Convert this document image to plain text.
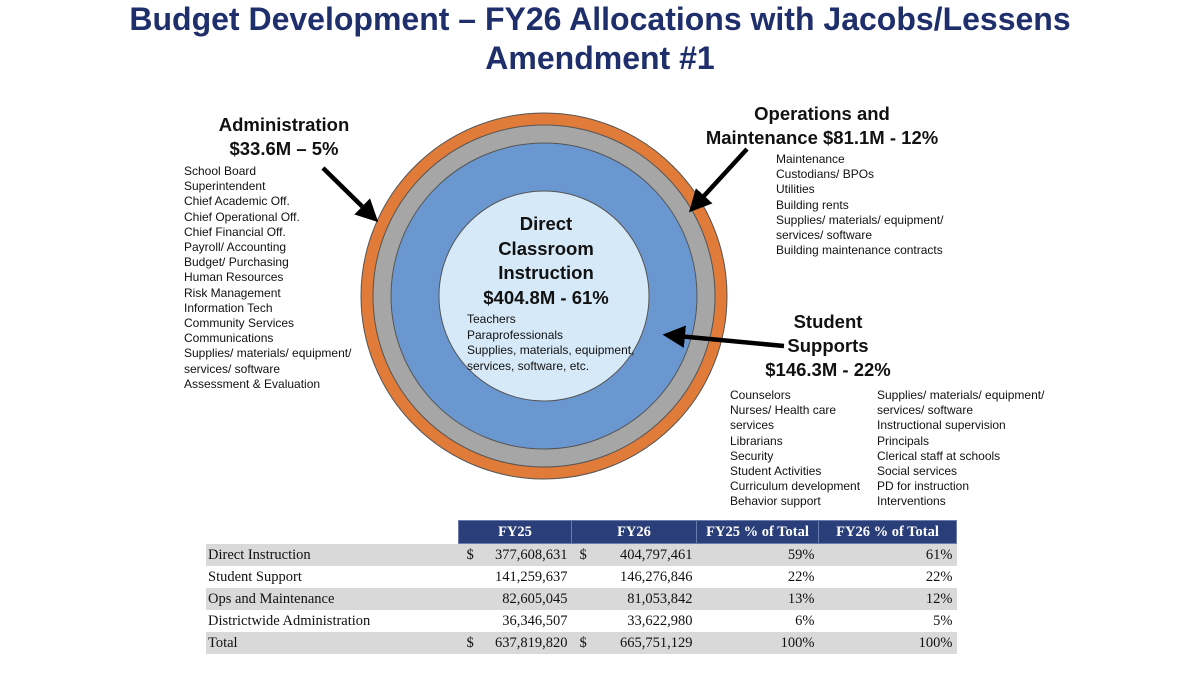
Budget Development – FY26 Allocations with Jacobs/Lessens
Amendment #1
Administration
$33.6M – 5%
School Board
Superintendent
Chief Academic Off.
Chief Operational Off.
Chief Financial Off.
Payroll/ Accounting
Budget/ Purchasing
Human Resources
Risk Management
Information Tech
Community Services
Communications
Supplies/ materials/ equipment/
services/ software
Assessment & Evaluation
Operations and
Maintenance $81.1M - 12%
Maintenance
Custodians/ BPOs
Utilities
Building rents
Supplies/ materials/ equipment/
services/ software
Building maintenance contracts
Direct
Classroom
Instruction
$404.8M - 61%
Teachers
Paraprofessionals
Supplies, materials, equipment,
services, software, etc.
Student
Supports
$146.3M - 22%
Counselors
Nurses/ Health care
services
Librarians
Security
Student Activities
Curriculum development
Behavior support
Supplies/ materials/ equipment/
services/ software
Instructional supervision
Principals
Clerical staff at schools
Social services
PD for instruction
Interventions
	FY25	FY26	FY25 % of Total	FY26 % of Total
Direct Instruction	$ 377,608,631	$ 404,797,461	59%	61%

Student Support	141,259,637	146,276,846	22%	22%

Ops and Maintenance	82,605,045	81,053,842	13%	12%

Districtwide Administration	36,346,507	33,622,980	6%	5%

Total	$ 637,819,820	$ 665,751,129	100%	100%
